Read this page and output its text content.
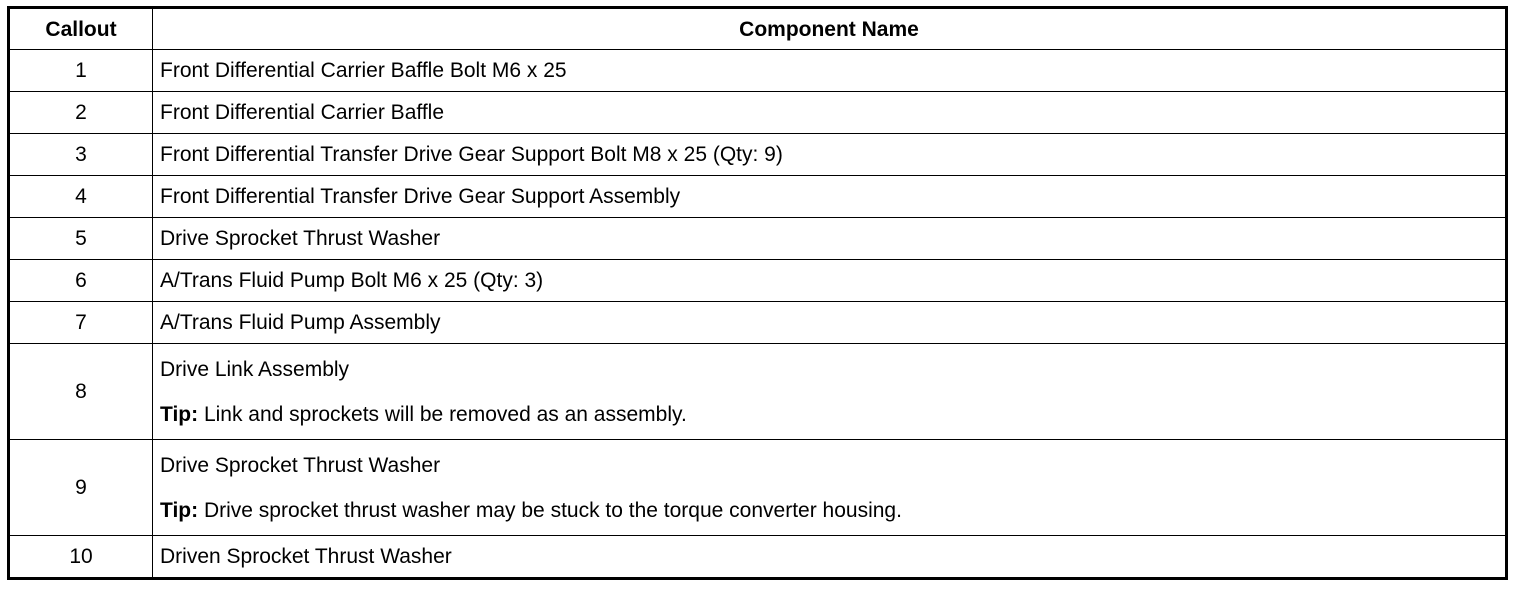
Callout	Component Name
1	Front Differential Carrier Baffle Bolt M6 x 25
2	Front Differential Carrier Baffle
3	Front Differential Transfer Drive Gear Support Bolt M8 x 25 (Qty: 9)
4	Front Differential Transfer Drive Gear Support Assembly
5	Drive Sprocket Thrust Washer
6	A/Trans Fluid Pump Bolt M6 x 25 (Qty: 3)
7	A/Trans Fluid Pump Assembly
8	Drive Link Assembly
Tip: Link and sprockets will be removed as an assembly.

9	Drive Sprocket Thrust Washer
Tip: Drive sprocket thrust washer may be stuck to the torque converter housing.

10	Driven Sprocket Thrust Washer
